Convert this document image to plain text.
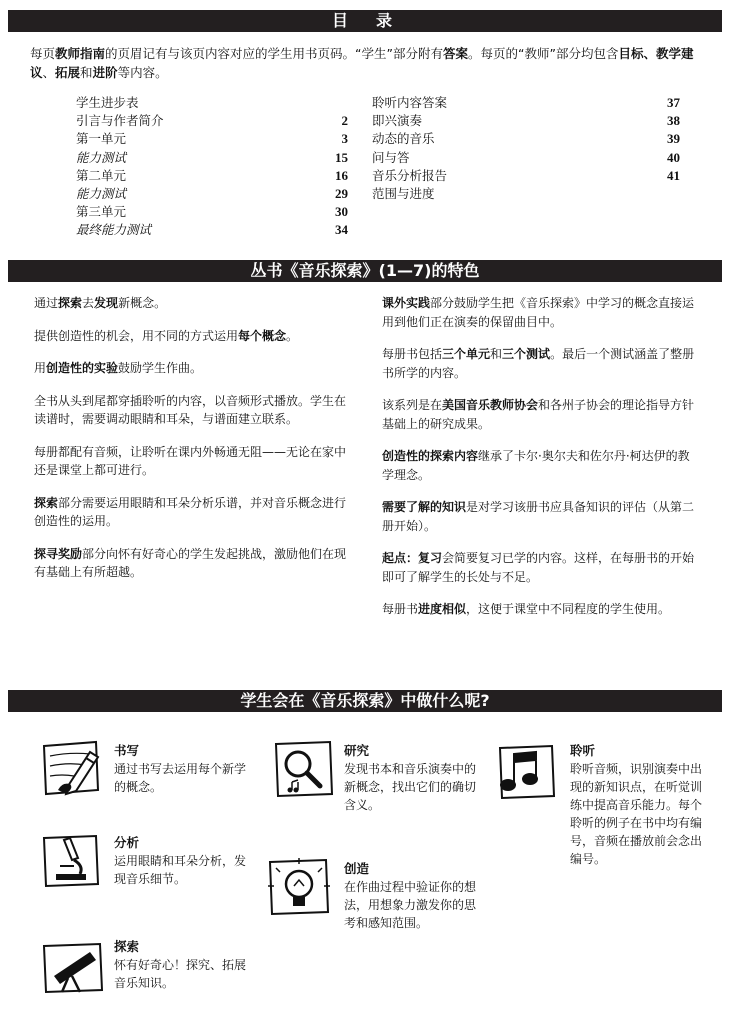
目　录
每页教师指南的页眉记有与该页内容对应的学生用书页码。“学生”部分附有答案。每页的“教师”部分均包含目标、教学建议、拓展和进阶等内容。
学生进步表
引言与作者简介	2
第一单元	3
能力测试	15
第二单元	16
能力测试	29
第三单元	30
最终能力测试	34
聆听内容答案	37
即兴演奏	38
动态的音乐	39
问与答	40
音乐分析报告	41
范围与进度
丛书《音乐探索》(1—7)的特色

通过探索去发现新概念。

提供创造性的机会，用不同的方式运用每个概念。

用创造性的实验鼓励学生作曲。

全书从头到尾都穿插聆听的内容，以音频形式播放。学生在读谱时，需要调动眼睛和耳朵，与谱面建立联系。

每册都配有音频，让聆听在课内外畅通无阻——无论在家中还是课堂上都可进行。

探索部分需要运用眼睛和耳朵分析乐谱，并对音乐概念进行创造性的运用。

探寻奖励部分向怀有好奇心的学生发起挑战，激励他们在现有基础上有所超越。

课外实践部分鼓励学生把《音乐探索》中学习的概念直接运用到他们正在演奏的保留曲目中。

每册书包括三个单元和三个测试。最后一个测试涵盖了整册书所学的内容。

该系列是在美国音乐教师协会和各州子协会的理论指导方针基础上的研究成果。

创造性的探索内容继承了卡尔·奥尔夫和佐尔丹·柯达伊的教学理念。

需要了解的知识是对学习该册书应具备知识的评估（从第二册开始）。

起点：复习会简要复习已学的内容。这样，在每册书的开始即可了解学生的长处与不足。

每册书进度相似，这便于课堂中不同程度的学生使用。

学生会在《音乐探索》中做什么呢?
书写
通过书写去运用每个新学的概念。
研究
发现书本和音乐演奏中的新概念，找出它们的确切含义。
聆听
聆听音频，识别演奏中出现的新知识点，在听觉训练中提高音乐能力。每个聆听的例子在书中均有编号，音频在播放前会念出编号。
分析
运用眼睛和耳朵分析，发现音乐细节。
创造
在作曲过程中验证你的想法，用想象力激发你的思考和感知范围。
探索
怀有好奇心！探究、拓展音乐知识。
